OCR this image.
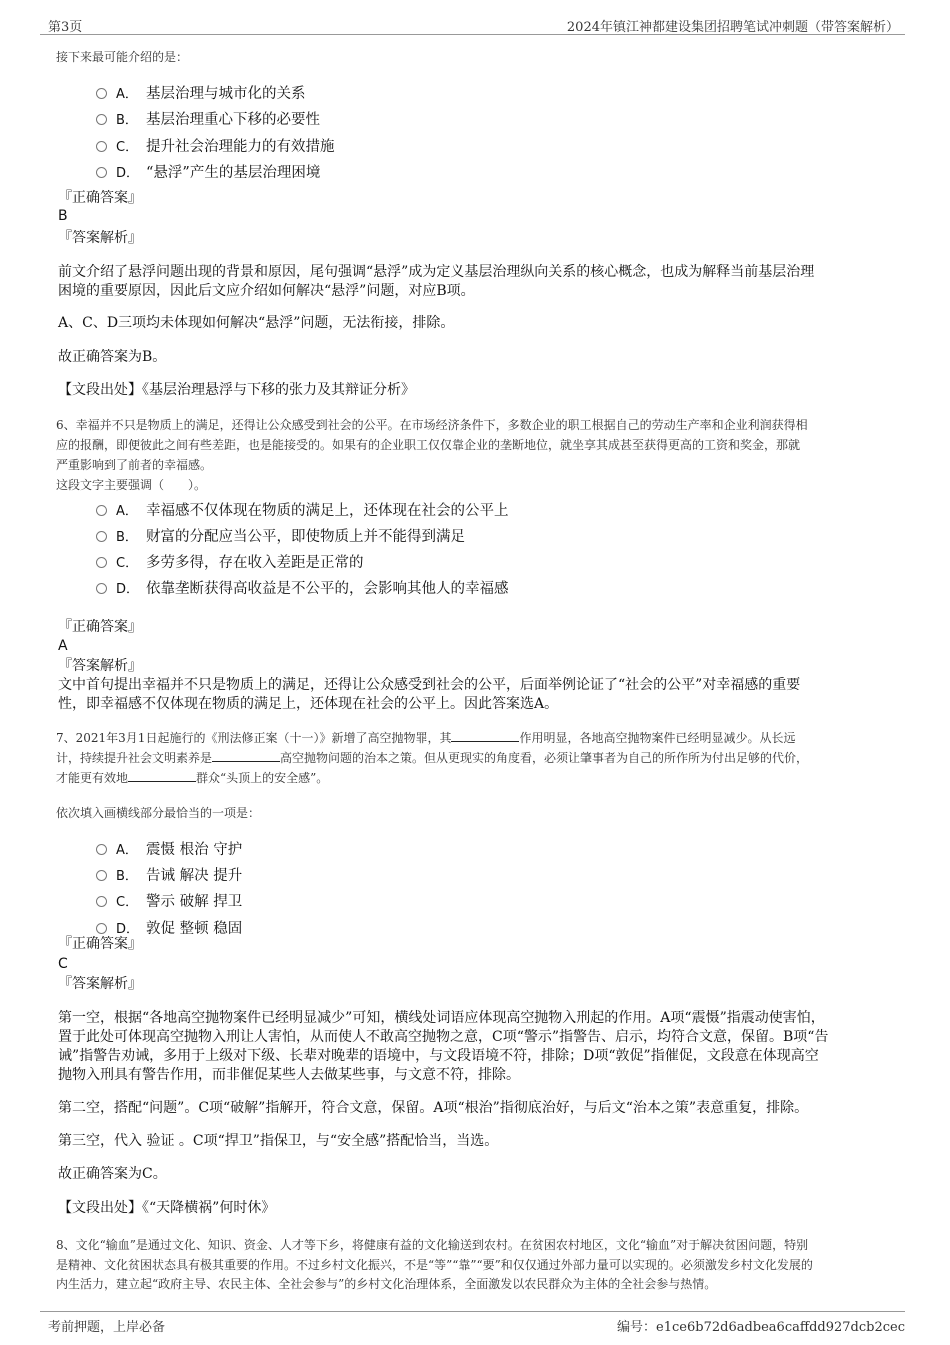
第3页	2024年镇江神都建设集团招聘笔试冲刺题（带答案解析）
接下来最可能介绍的是：
A． 基层治理与城市化的关系
B． 基层治理重心下移的必要性
C． 提升社会治理能力的有效措施
D． “悬浮”产生的基层治理困境
『正确答案』
B
『答案解析』
前文介绍了悬浮问题出现的背景和原因，尾句强调“悬浮”成为定义基层治理纵向关系的核心概念，也成为解释当前基层治理
困境的重要原因，因此后文应介绍如何解决“悬浮”问题，对应B项。
A、C、D三项均未体现如何解决“悬浮”问题，无法衔接，排除。
故正确答案为B。
【文段出处】《基层治理悬浮与下移的张力及其辩证分析》
6、幸福并不只是物质上的满足，还得让公众感受到社会的公平。在市场经济条件下，多数企业的职工根据自己的劳动生产率和企业利润获得相
应的报酬，即便彼此之间有些差距，也是能接受的。如果有的企业职工仅仅靠企业的垄断地位，就坐享其成甚至获得更高的工资和奖金，那就
严重影响到了前者的幸福感。
这段文字主要强调（　　）。
A． 幸福感不仅体现在物质的满足上，还体现在社会的公平上
B． 财富的分配应当公平，即使物质上并不能得到满足
C． 多劳多得，存在收入差距是正常的
D． 依靠垄断获得高收益是不公平的，会影响其他人的幸福感
『正确答案』
A
『答案解析』
文中首句提出幸福并不只是物质上的满足，还得让公众感受到社会的公平，后面举例论证了“社会的公平”对幸福感的重要
性，即幸福感不仅体现在物质的满足上，还体现在社会的公平上。因此答案选A。
7、2021年3月1日起施行的《刑法修正案（十一）》新增了高空抛物罪，其	作用明显，各地高空抛物案件已经明显减少。从长远
计，持续提升社会文明素养是	高空抛物问题的治本之策。但从更现实的角度看，必须让肇事者为自己的所作所为付出足够的代价，
才能更有效地	群众“头顶上的安全感”。
依次填入画横线部分最恰当的一项是：
A． 震慑 根治 守护
B． 告诫 解决 提升
C． 警示 破解 捍卫
D． 敦促 整顿 稳固
『正确答案』
C
『答案解析』
第一空，根据“各地高空抛物案件已经明显减少”可知，横线处词语应体现高空抛物入刑起的作用。A项“震慑”指震动使害怕，
置于此处可体现高空抛物入刑让人害怕，从而使人不敢高空抛物之意，C项“警示”指警告、启示，均符合文意，保留。B项“告
诫”指警告劝诫，多用于上级对下级、长辈对晚辈的语境中，与文段语境不符，排除；D项“敦促”指催促，文段意在体现高空
抛物入刑具有警告作用，而非催促某些人去做某些事，与文意不符，排除。
第二空，搭配“问题”。C项“破解”指解开，符合文意，保留。A项“根治”指彻底治好，与后文“治本之策”表意重复，排除。
第三空，代入 验证 。C项“捍卫”指保卫，与“安全感”搭配恰当，当选。
故正确答案为C。
【文段出处】《“天降横祸”何时休》
8、文化“输血”是通过文化、知识、资金、人才等下乡，将健康有益的文化输送到农村。在贫困农村地区，文化“输血”对于解决贫困问题，特别
是精神、文化贫困状态具有极其重要的作用。不过乡村文化振兴，不是“等”“靠”“要”和仅仅通过外部力量可以实现的。必须激发乡村文化发展的
内生活力，建立起“政府主导、农民主体、全社会参与”的乡村文化治理体系，全面激发以农民群众为主体的全社会参与热情。
考前押题，上岸必备	编号：e1ce6b72d6adbea6caffdd927dcb2cec
